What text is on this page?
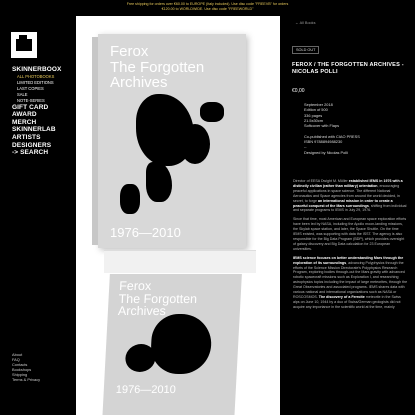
Free shipping for orders over €60.00 to EUROPE (Italy included). Use disc code "FREEVB" for orders
€120.00 to WORLDWIDE. Use disc code "FREEWORLD"
SKINNERBOOX
ALL PHOTOBOOKS
LIMITED EDITIONS
LAST COPIES
SALE
NOTE-SERIES
GIFT CARD
AWARD
MERCH
SKINNERLAB
ARTISTS
DESIGNERS
-> SEARCH
About
FAQ
Contacts
Bookshops
Shipping
Terms & Privacy
Ferox
The Forgotten
Archives
1976—2010
Ferox
The Forgotten
Archives
1976—2010
← All Books
SOLD OUT
FEROX / THE FORGOTTEN ARCHIVES - NICOLAS POLLI
€0,00
September 2018
Edition of 500
336 pages
21.5x30cm
Softcover with Flaps

Co-published with CIAO PRESS
ISBN 9788894988230
--
Designed by Nicolas Polli

Director of EESA Dwight M. Müller established IEMS in 1976 with a distinctly civilian (rather than military) orientation, encouraging peaceful applications in space science. The different National Aeronautics and Space agencies from around the world decided, in secret, to forge an international mission in order to create a peaceful conquest of the Mars surroundings, shifting from individual and separate programs to IEMS in July 29, 1976.

Since that time, most American and European space exploration efforts have been led by NASA, including the Apollo moon-landing missions, the Skylab space station, and later, the Space Shuttle. On the time IEMS existed, was supporting with data the ISST. The agency is also responsible for the Big Data Program (BDP), which provides oversight of galaxy discovery and Big Data calculation for 23 European universities.

IEMS science focuses on better understanding Mars through the exploration of its surroundings, advancing Polyphysics through the efforts of the Science Mission Directorate’s Polyphysics Research Program, exploring bodies through-out the Mars gravity with advanced robotic spacecraft missions such as Exploration I, and researching astrophysics topics including the impact of large meteorites, through the Great Observatories and associated programs. IEMS shares data with various national and international organizations such as NASA or ROSCOSMOS. The discovery of a Ferroite meteorite in the Swiss alps on June 10, 1944 by a duo of Swiss/German geologists did not acquire any importance in the scientific world at the time, mainly
